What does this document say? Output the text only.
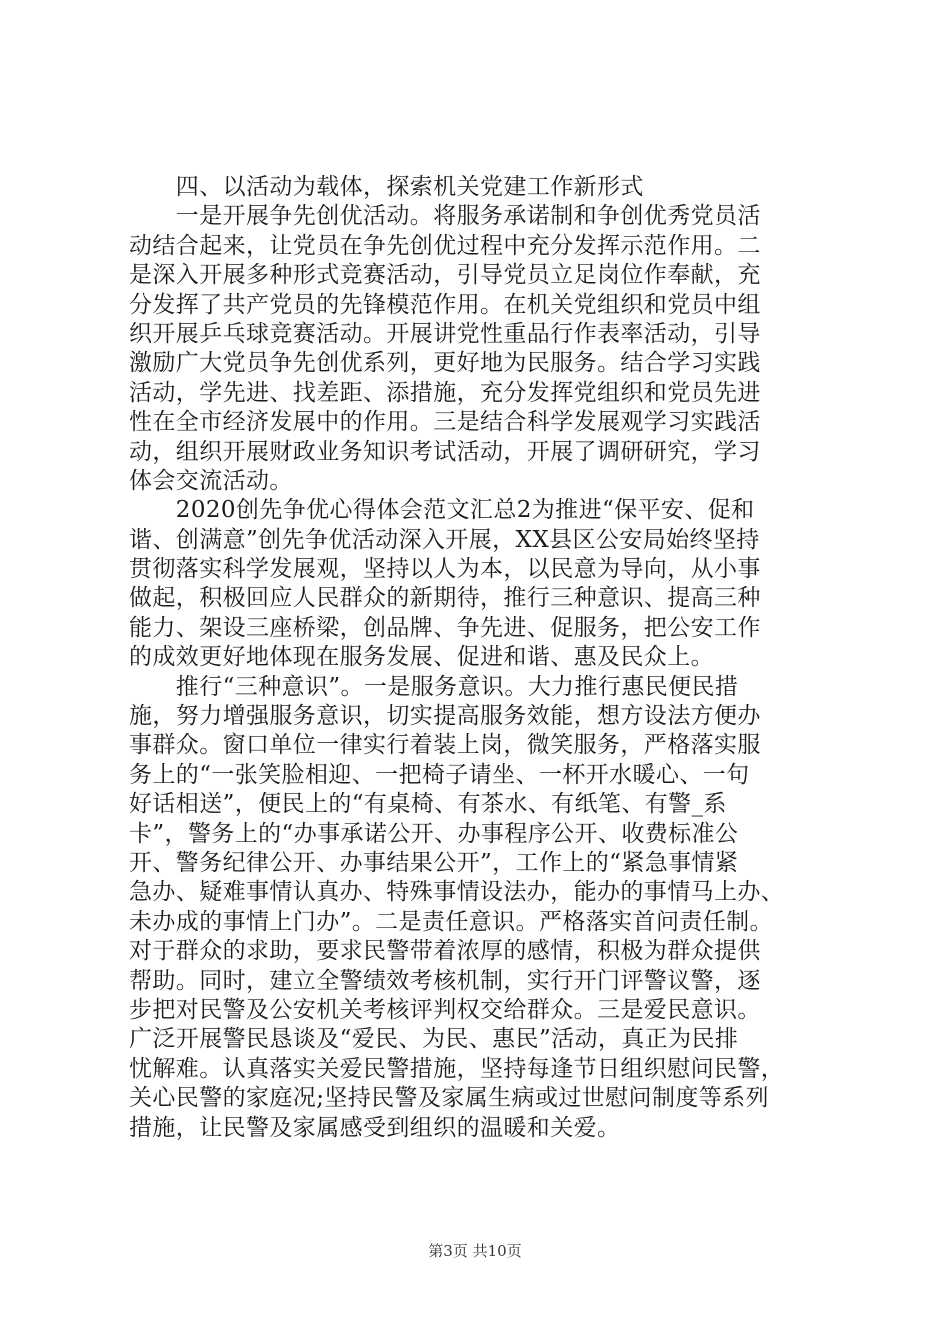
　　四、以活动为载体，探索机关党建工作新形式
　　一是开展争先创优活动。将服务承诺制和争创优秀党员活
动结合起来，让党员在争先创优过程中充分发挥示范作用。二
是深入开展多种形式竞赛活动，引导党员立足岗位作奉献，充
分发挥了共产党员的先锋模范作用。在机关党组织和党员中组
织开展乒乓球竞赛活动。开展讲党性重品行作表率活动，引导
激励广大党员争先创优系列，更好地为民服务。结合学习实践
活动，学先进、找差距、添措施，充分发挥党组织和党员先进
性在全市经济发展中的作用。三是结合科学发展观学习实践活
动，组织开展财政业务知识考试活动，开展了调研研究，学习
体会交流活动。
　　2020创先争优心得体会范文汇总2为推进“保平安、促和
谐、创满意”创先争优活动深入开展，XX县区公安局始终坚持
贯彻落实科学发展观，坚持以人为本，以民意为导向，从小事
做起，积极回应人民群众的新期待，推行三种意识、提高三种
能力、架设三座桥梁，创品牌、争先进、促服务，把公安工作
的成效更好地体现在服务发展、促进和谐、惠及民众上。
　　推行“三种意识”。一是服务意识。大力推行惠民便民措
施，努力增强服务意识，切实提高服务效能，想方设法方便办
事群众。窗口单位一律实行着装上岗，微笑服务，严格落实服
务上的“一张笑脸相迎、一把椅子请坐、一杯开水暖心、一句
好话相送”，便民上的“有桌椅、有茶水、有纸笔、有警_系
卡”，警务上的“办事承诺公开、办事程序公开、收费标准公
开、警务纪律公开、办事结果公开”，工作上的“紧急事情紧
急办、疑难事情认真办、特殊事情设法办，能办的事情马上办、
未办成的事情上门办”。二是责任意识。严格落实首问责任制。
对于群众的求助，要求民警带着浓厚的感情，积极为群众提供
帮助。同时，建立全警绩效考核机制，实行开门评警议警，逐
步把对民警及公安机关考核评判权交给群众。三是爱民意识。
广泛开展警民恳谈及“爱民、为民、惠民”活动，真正为民排
忧解难。认真落实关爱民警措施，坚持每逢节日组织慰问民警，
关心民警的家庭况;坚持民警及家属生病或过世慰问制度等系列
措施，让民警及家属感受到组织的温暖和关爱。
第3页 共10页
